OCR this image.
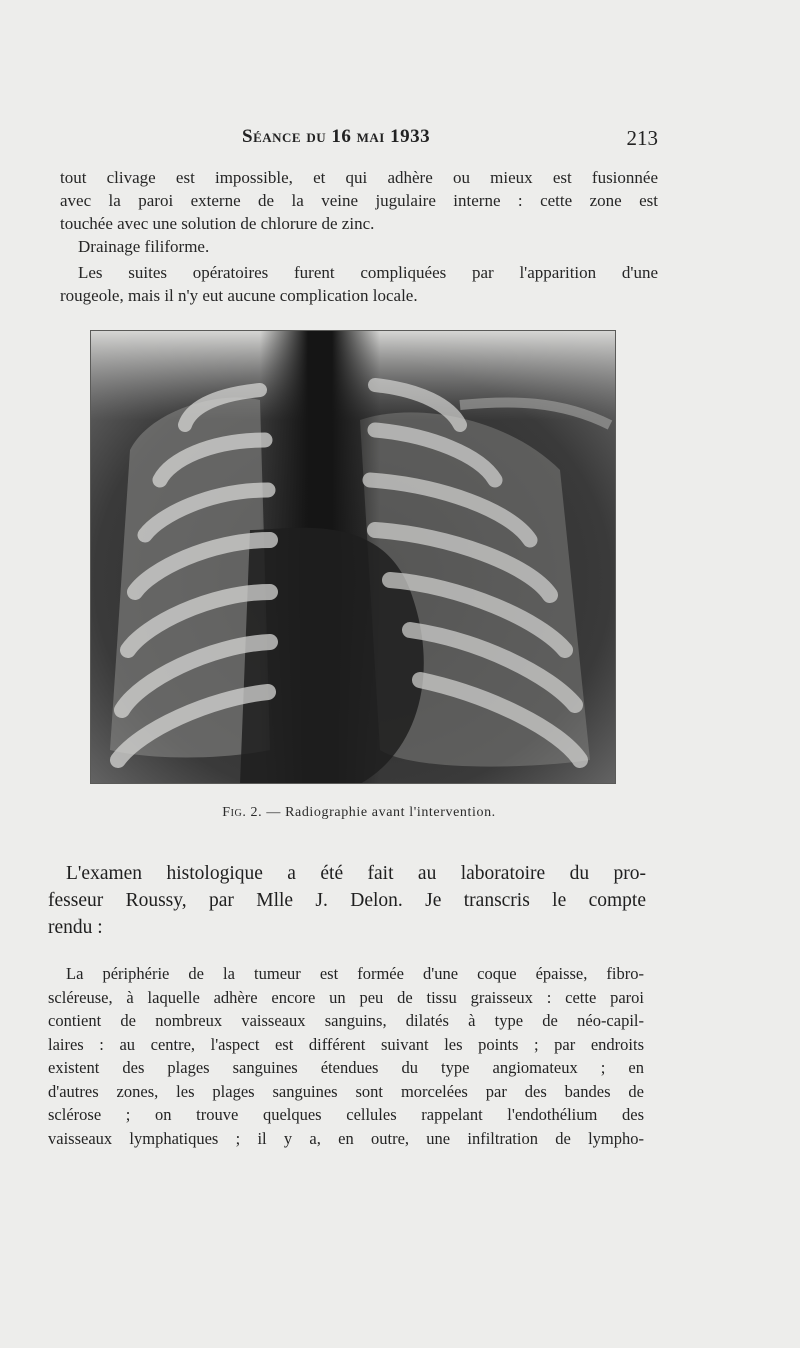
Séance du 16 mai 1933	213
tout clivage est impossible, et qui adhère ou mieux est fusionnée
avec la paroi externe de la veine jugulaire interne : cette zone est
touchée avec une solution de chlorure de zinc.
Drainage filiforme.
Les suites opératoires furent compliquées par l'apparition d'une
rougeole, mais il n'y eut aucune complication locale.
Fig. 2. — Radiographie avant l'intervention.
L'examen histologique a été fait au laboratoire du pro-
fesseur Roussy, par Mlle J. Delon. Je transcris le compte
rendu :
La périphérie de la tumeur est formée d'une coque épaisse, fibro-
scléreuse, à laquelle adhère encore un peu de tissu graisseux : cette paroi
contient de nombreux vaisseaux sanguins, dilatés à type de néo-capil-
laires : au centre, l'aspect est différent suivant les points ; par endroits
existent des plages sanguines étendues du type angiomateux ; en
d'autres zones, les plages sanguines sont morcelées par des bandes de
sclérose ; on trouve quelques cellules rappelant l'endothélium des
vaisseaux lymphatiques ; il y a, en outre, une infiltration de lympho-
